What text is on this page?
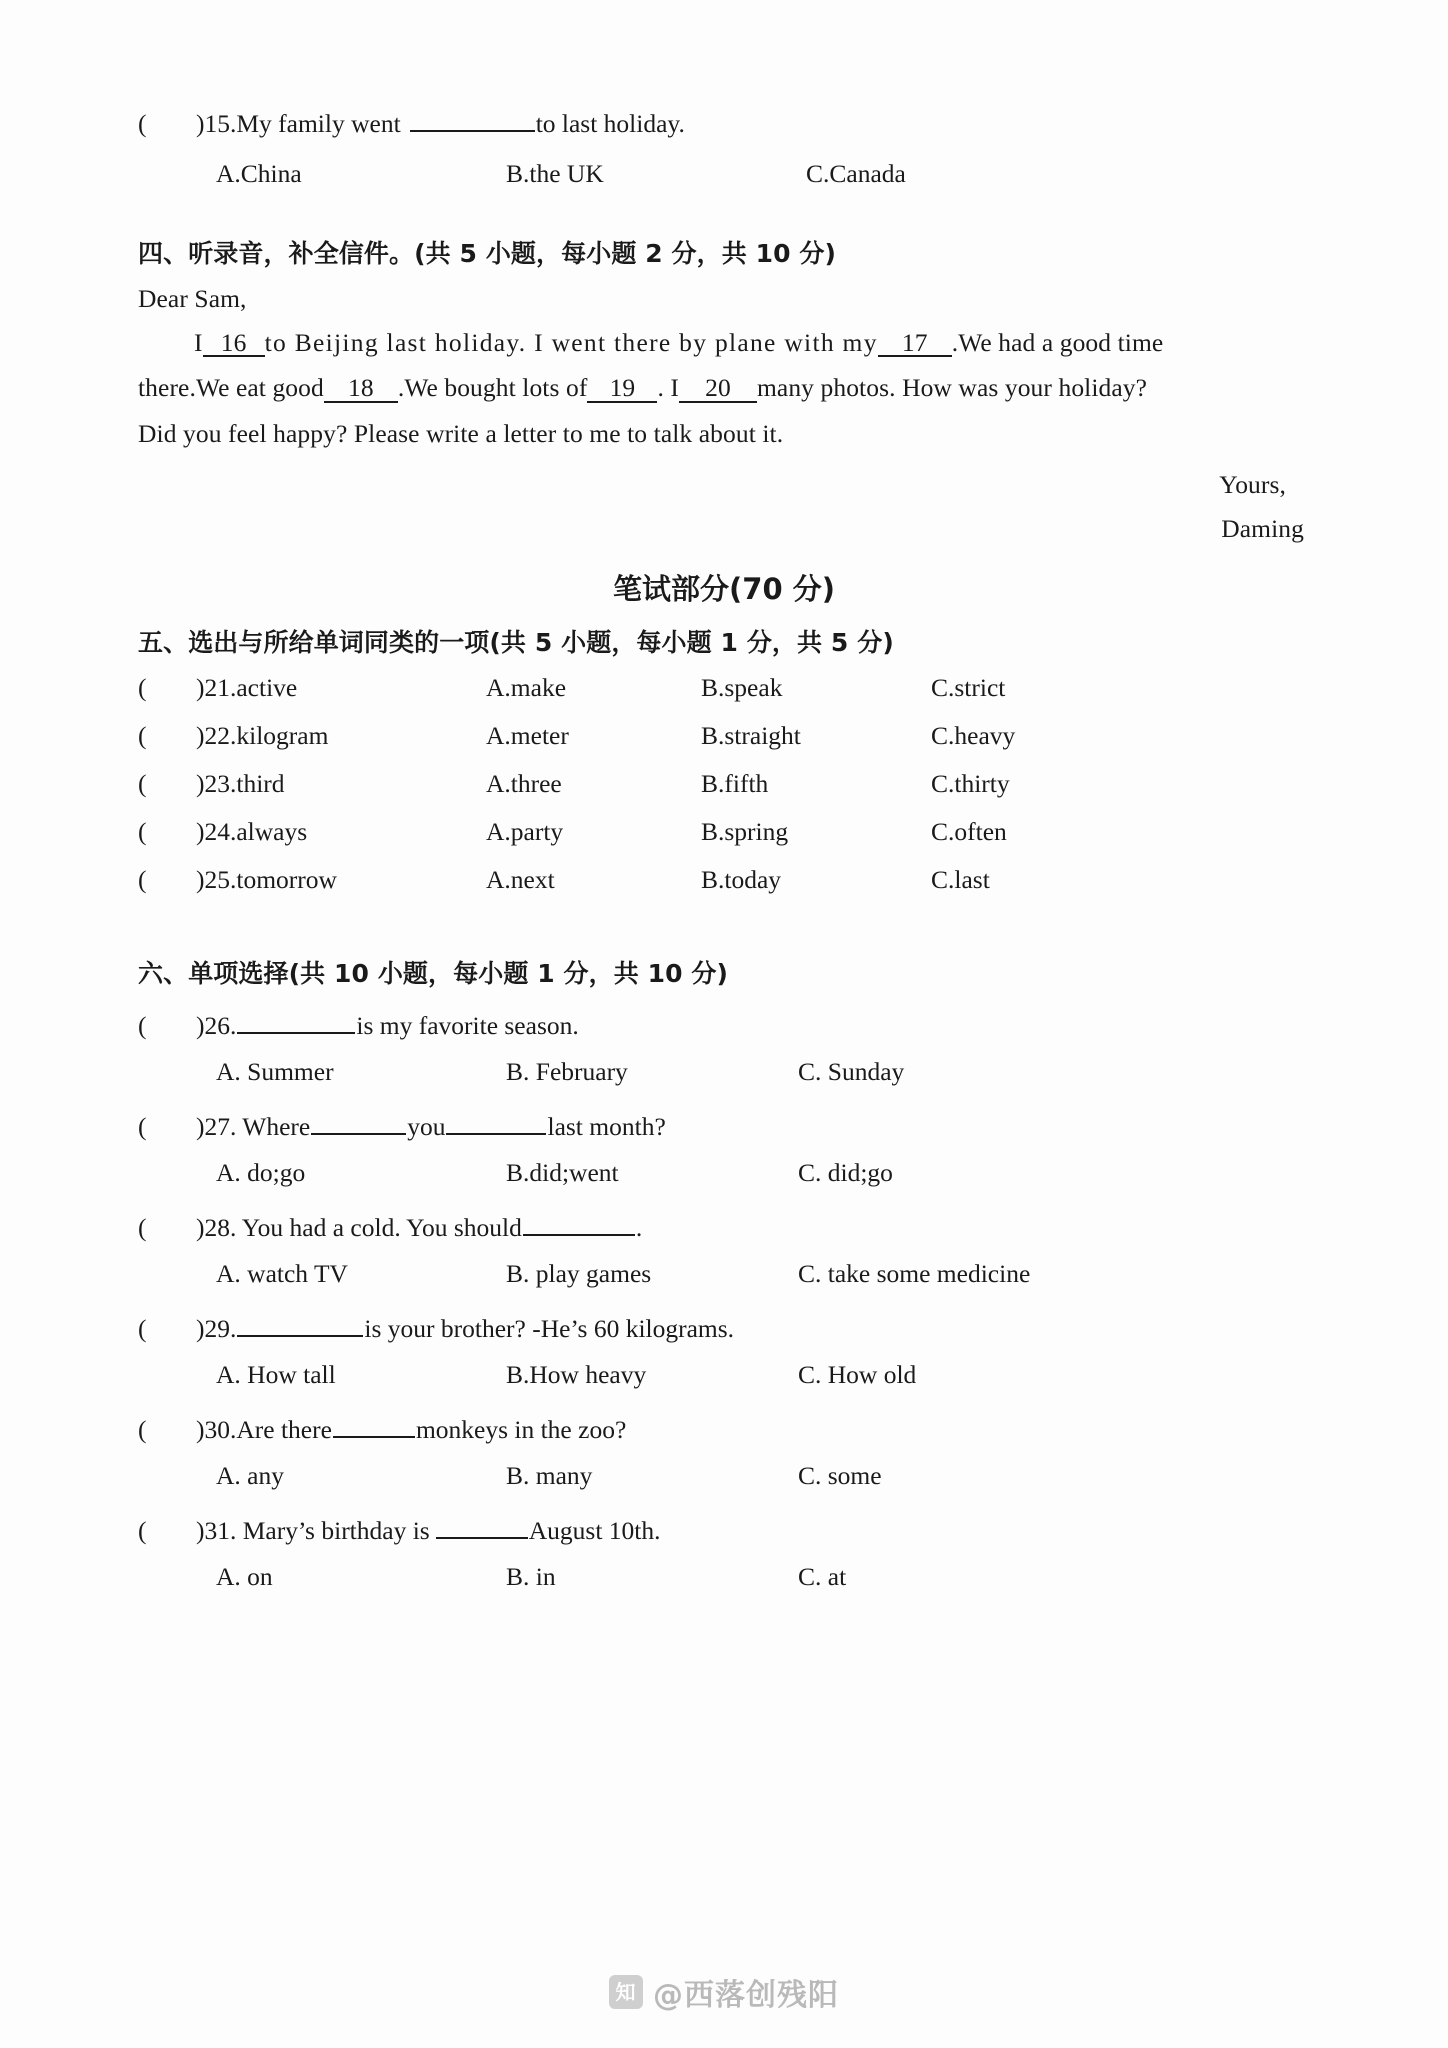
(	)15.My family went	to last holiday.
A.China	B.the UK	C.Canada
四、听录音，补全信件。(共 5 小题，每小题 2 分，共 10 分)
Dear Sam,
I 16 to Beijing last holiday. I went there by plane with my 17 .We had a good time
there.We eat good 18 .We bought lots of 19 . I 20 many photos. How was your holiday?
Did you feel happy? Please write a letter to me to talk about it.
Yours,
Daming
笔试部分(70 分)
五、选出与所给单词同类的一项(共 5 小题，每小题 1 分，共 5 分)
(	)21.active	A.make	B.speak	C.strict
(	)22.kilogram	A.meter	B.straight	C.heavy
(	)23.third	A.three	B.fifth	C.thirty
(	)24.always	A.party	B.spring	C.often
(	)25.tomorrow	A.next	B.today	C.last
六、单项选择(共 10 小题，每小题 1 分，共 10 分)
(	)26.	is my favorite season.
A. Summer	B. February	C. Sunday
(	)27. Where	you	last month?
A. do;go	B.did;went	C. did;go
(	)28. You had a cold. You should	.
A. watch TV	B. play games	C. take some medicine
(	)29.	is your brother? -He’s 60 kilograms.
A. How tall	B.How heavy	C. How old
(	)30.Are there	monkeys in the zoo?
A. any	B. many	C. some
(	)31. Mary’s birthday is	August 10th.
A. on	B. in	C. at
知 @西落创残阳
